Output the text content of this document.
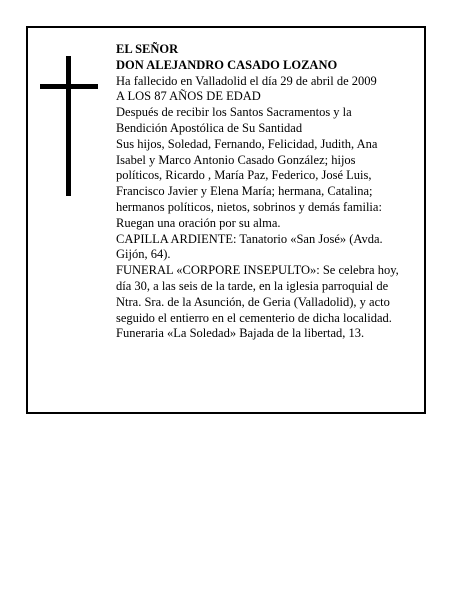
EL SEÑOR
DON ALEJANDRO CASADO LOZANO
Ha fallecido en Valladolid el día 29 de abril de 2009
A LOS 87 AÑOS DE EDAD
Después de recibir los Santos Sacramentos y la
Bendición Apostólica de Su Santidad
Sus hijos, Soledad, Fernando, Felicidad, Judith, Ana
Isabel y Marco Antonio Casado González; hijos
políticos, Ricardo , María Paz, Federico, José Luis,
Francisco Javier y Elena María; hermana, Catalina;
hermanos políticos, nietos, sobrinos y demás familia:
Ruegan una oración por su alma.
CAPILLA ARDIENTE: Tanatorio «San José» (Avda.
Gijón, 64).
FUNERAL «CORPORE INSEPULTO»: Se celebra hoy,
día 30, a las seis de la tarde, en la iglesia parroquial de
Ntra. Sra. de la Asunción, de Geria (Valladolid), y acto
seguido el entierro en el cementerio de dicha localidad.
Funeraria «La Soledad» Bajada de la libertad, 13.
